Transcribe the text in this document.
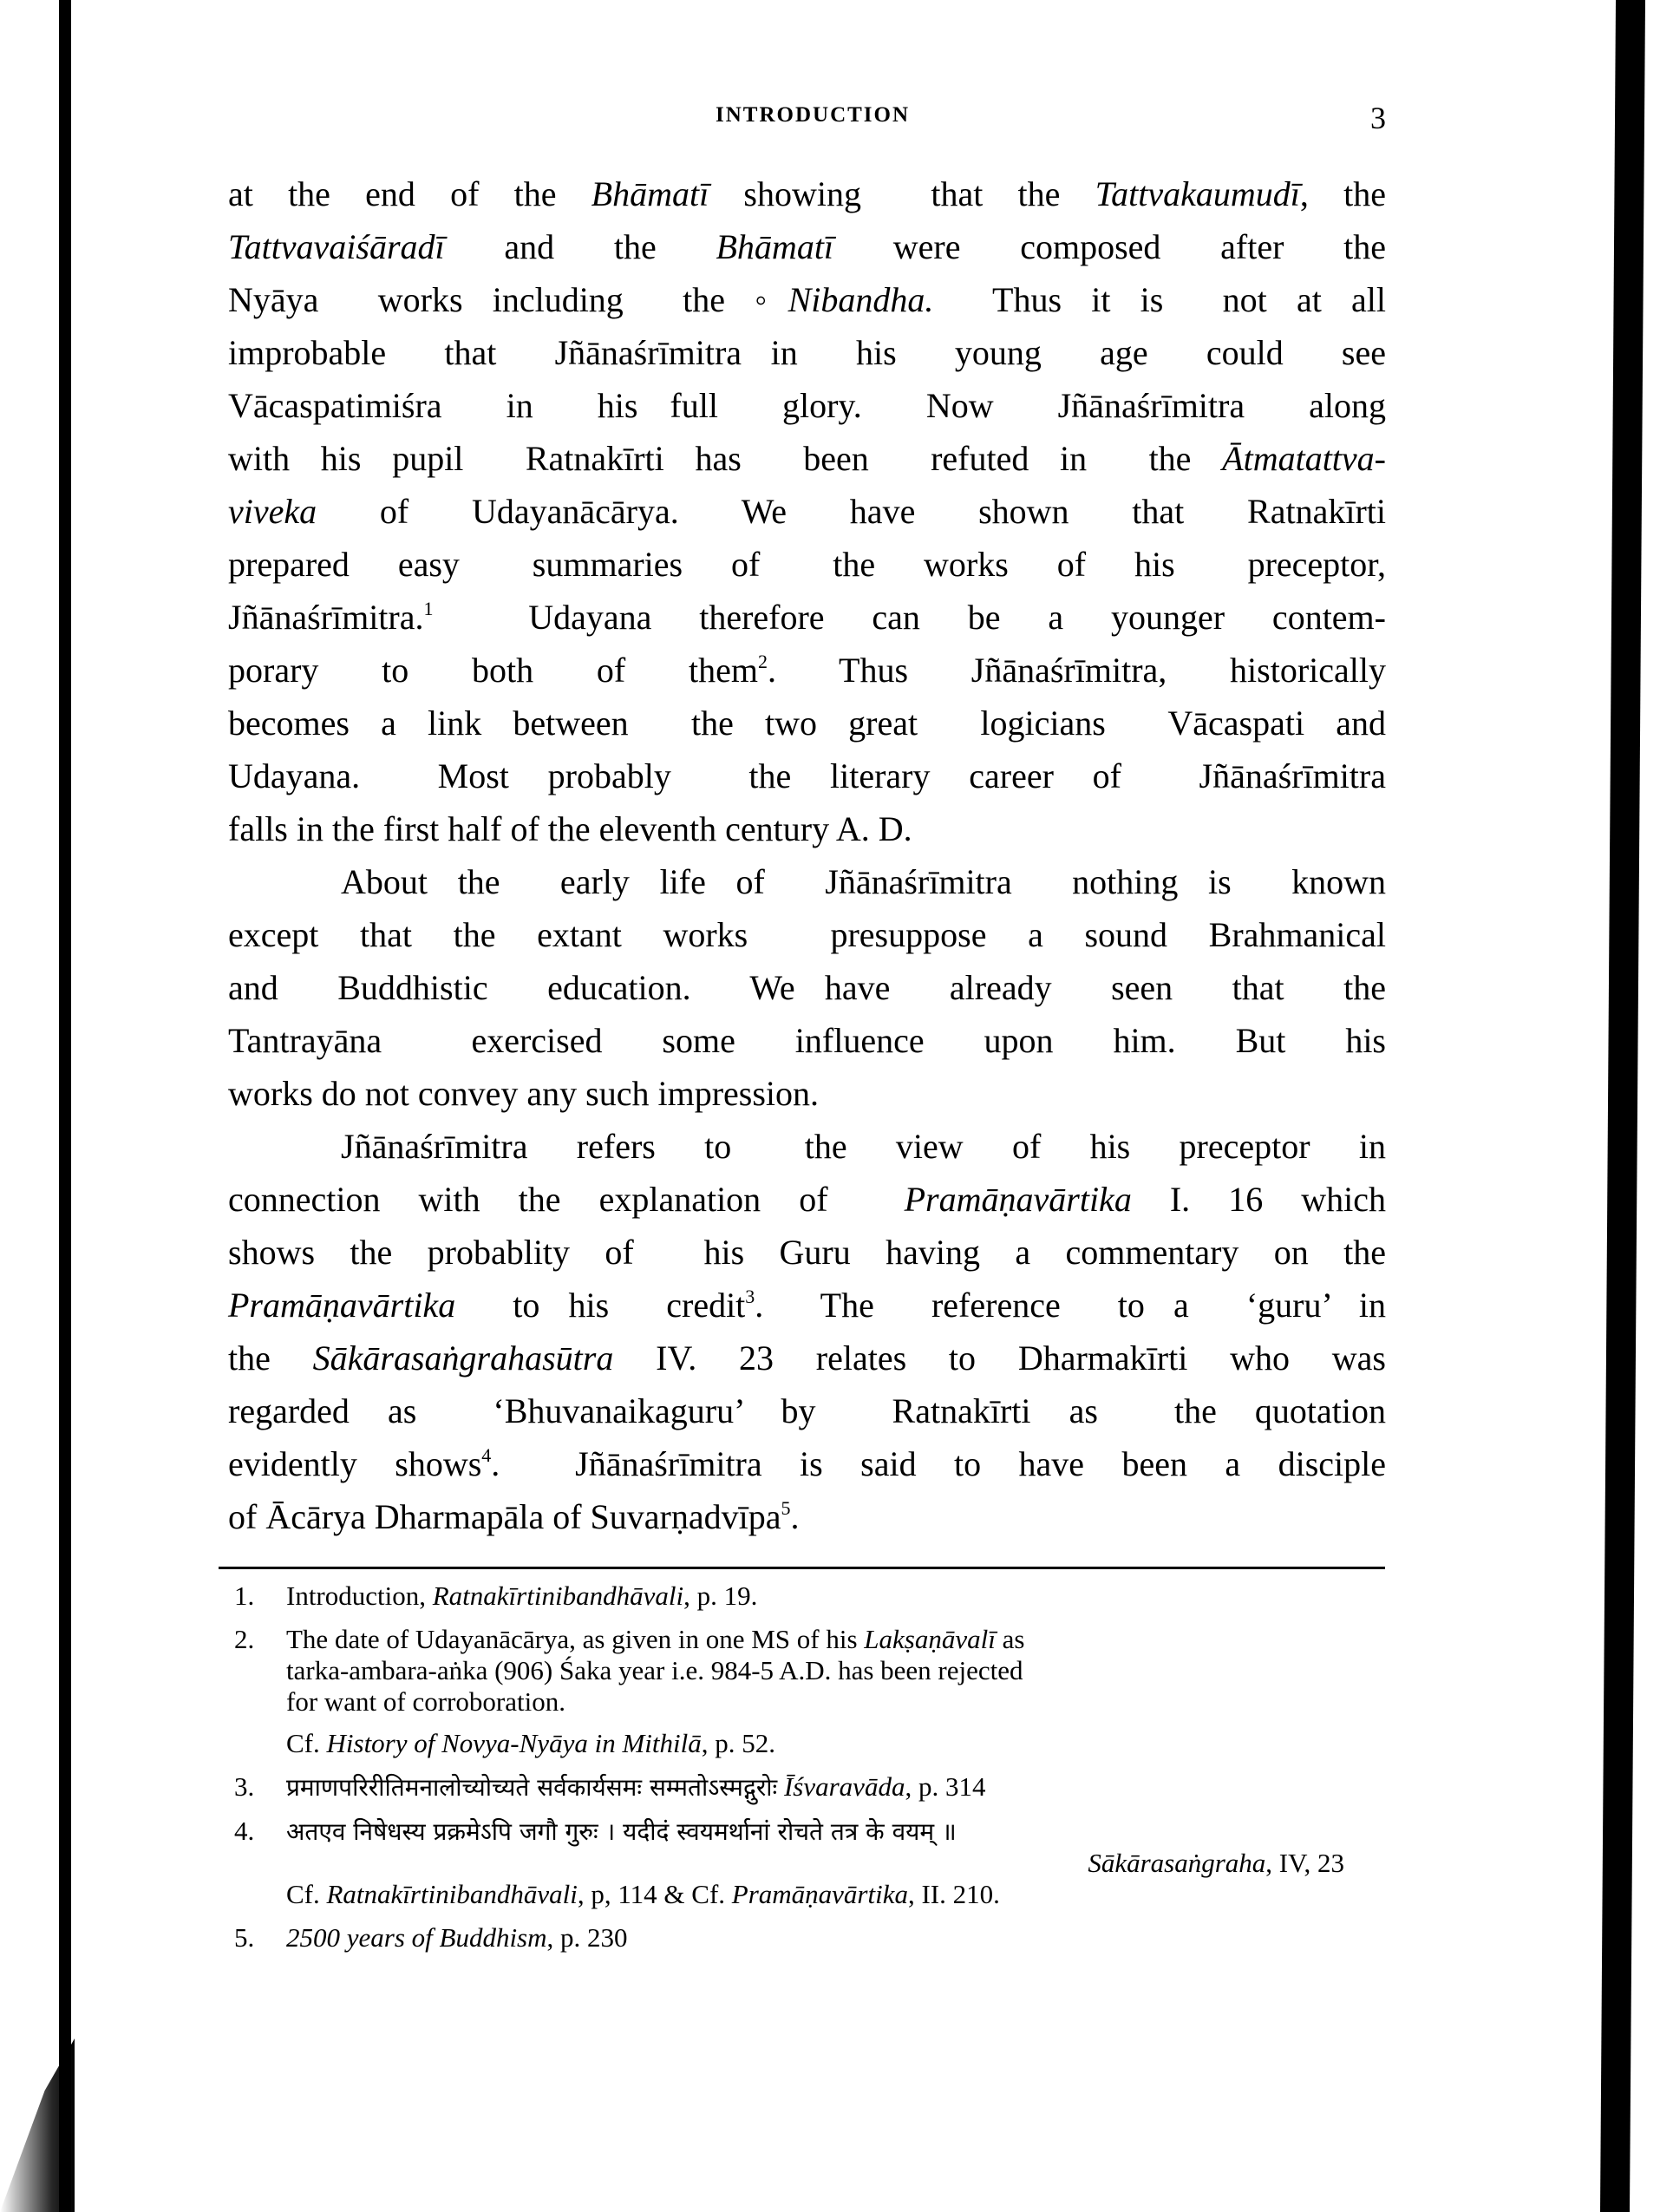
INTRODUCTION	3
at the end of the Bhāmatī showing  that the Tattvakaumudī, the
Tattvavaiśāradī  and  the  Bhāmatī  were  composed  after  the
Nyāya  works including  the ◦Nibandha.  Thus it is  not at all
improbable  that  Jñānaśrīmitra in  his  young  age  could  see
Vācaspatimiśra  in  his full  glory.  Now  Jñānaśrīmitra  along
with his pupil  Ratnakīrti has  been  refuted in  the Ātmatattva-
viveka  of  Udayanācārya.  We  have  shown  that  Ratnakīrti
prepared  easy   summaries  of   the  works  of  his   preceptor,
Jñānaśrīmitra.$^1$  Udayana therefore can be a younger contem-
porary  to  both  of  them$^2$.  Thus  Jñānaśrīmitra,  historically
becomes a link between  the two great  logicians  Vācaspati and
Udayana.  Most probably  the literary career of  Jñānaśrīmitra
falls in the first half of the eleventh century A. D.
About the  early life of  Jñānaśrīmitra  nothing is  known
except that the extant works  presuppose a sound Brahmanical
and  Buddhistic  education.  We have  already  seen  that  the
Tantrayāna   exercised  some  influence  upon  him.  But  his
works do not convey any such impression.
Jñānaśrīmitra  refers  to   the  view  of  his  preceptor  in
connection with the explanation of  Pramāṇavārtika I. 16 which
shows the probablity of  his Guru having a commentary on the
Pramāṇavārtika  to his  credit$^3$.  The  reference  to a  ‘guru’ in
the Sākārasaṅgrahasūtra IV. 23 relates to Dharmakīrti who was
regarded as  ‘Bhuvanaikaguru’ by  Ratnakīrti as  the quotation
evidently shows$^4$.  Jñānaśrīmitra is said to have been a disciple
of Ācārya Dharmapāla of Suvarṇadvīpa$^5$.
1. Introduction, Ratnakīrtinibandhāvali, p. 19.
2. The date of Udayanācārya, as given in one MS of his Lakṣaṇāvalī as
tarka-ambara-aṅka (906) Śaka year i.e. 984-5 A.D. has been rejected
for want of corroboration.
Cf. History of Novya-Nyāya in Mithilā, p. 52.
3. प्रमाणपरिरीतिमनालोच्योच्यते सर्वकार्यसमः सम्मतोऽस्मद्गुरोः Īśvaravāda, p. 314
4. अतएव निषेधस्य प्रक्रमेऽपि जगौ गुरुः । यदीदं स्वयमर्थानां रोचते तत्र के वयम् ॥
Sākārasaṅgraha, IV, 23
Cf. Ratnakīrtinibandhāvali, p, 114 & Cf. Pramāṇavārtika, II. 210.
5. 2500 years of Buddhism, p. 230
